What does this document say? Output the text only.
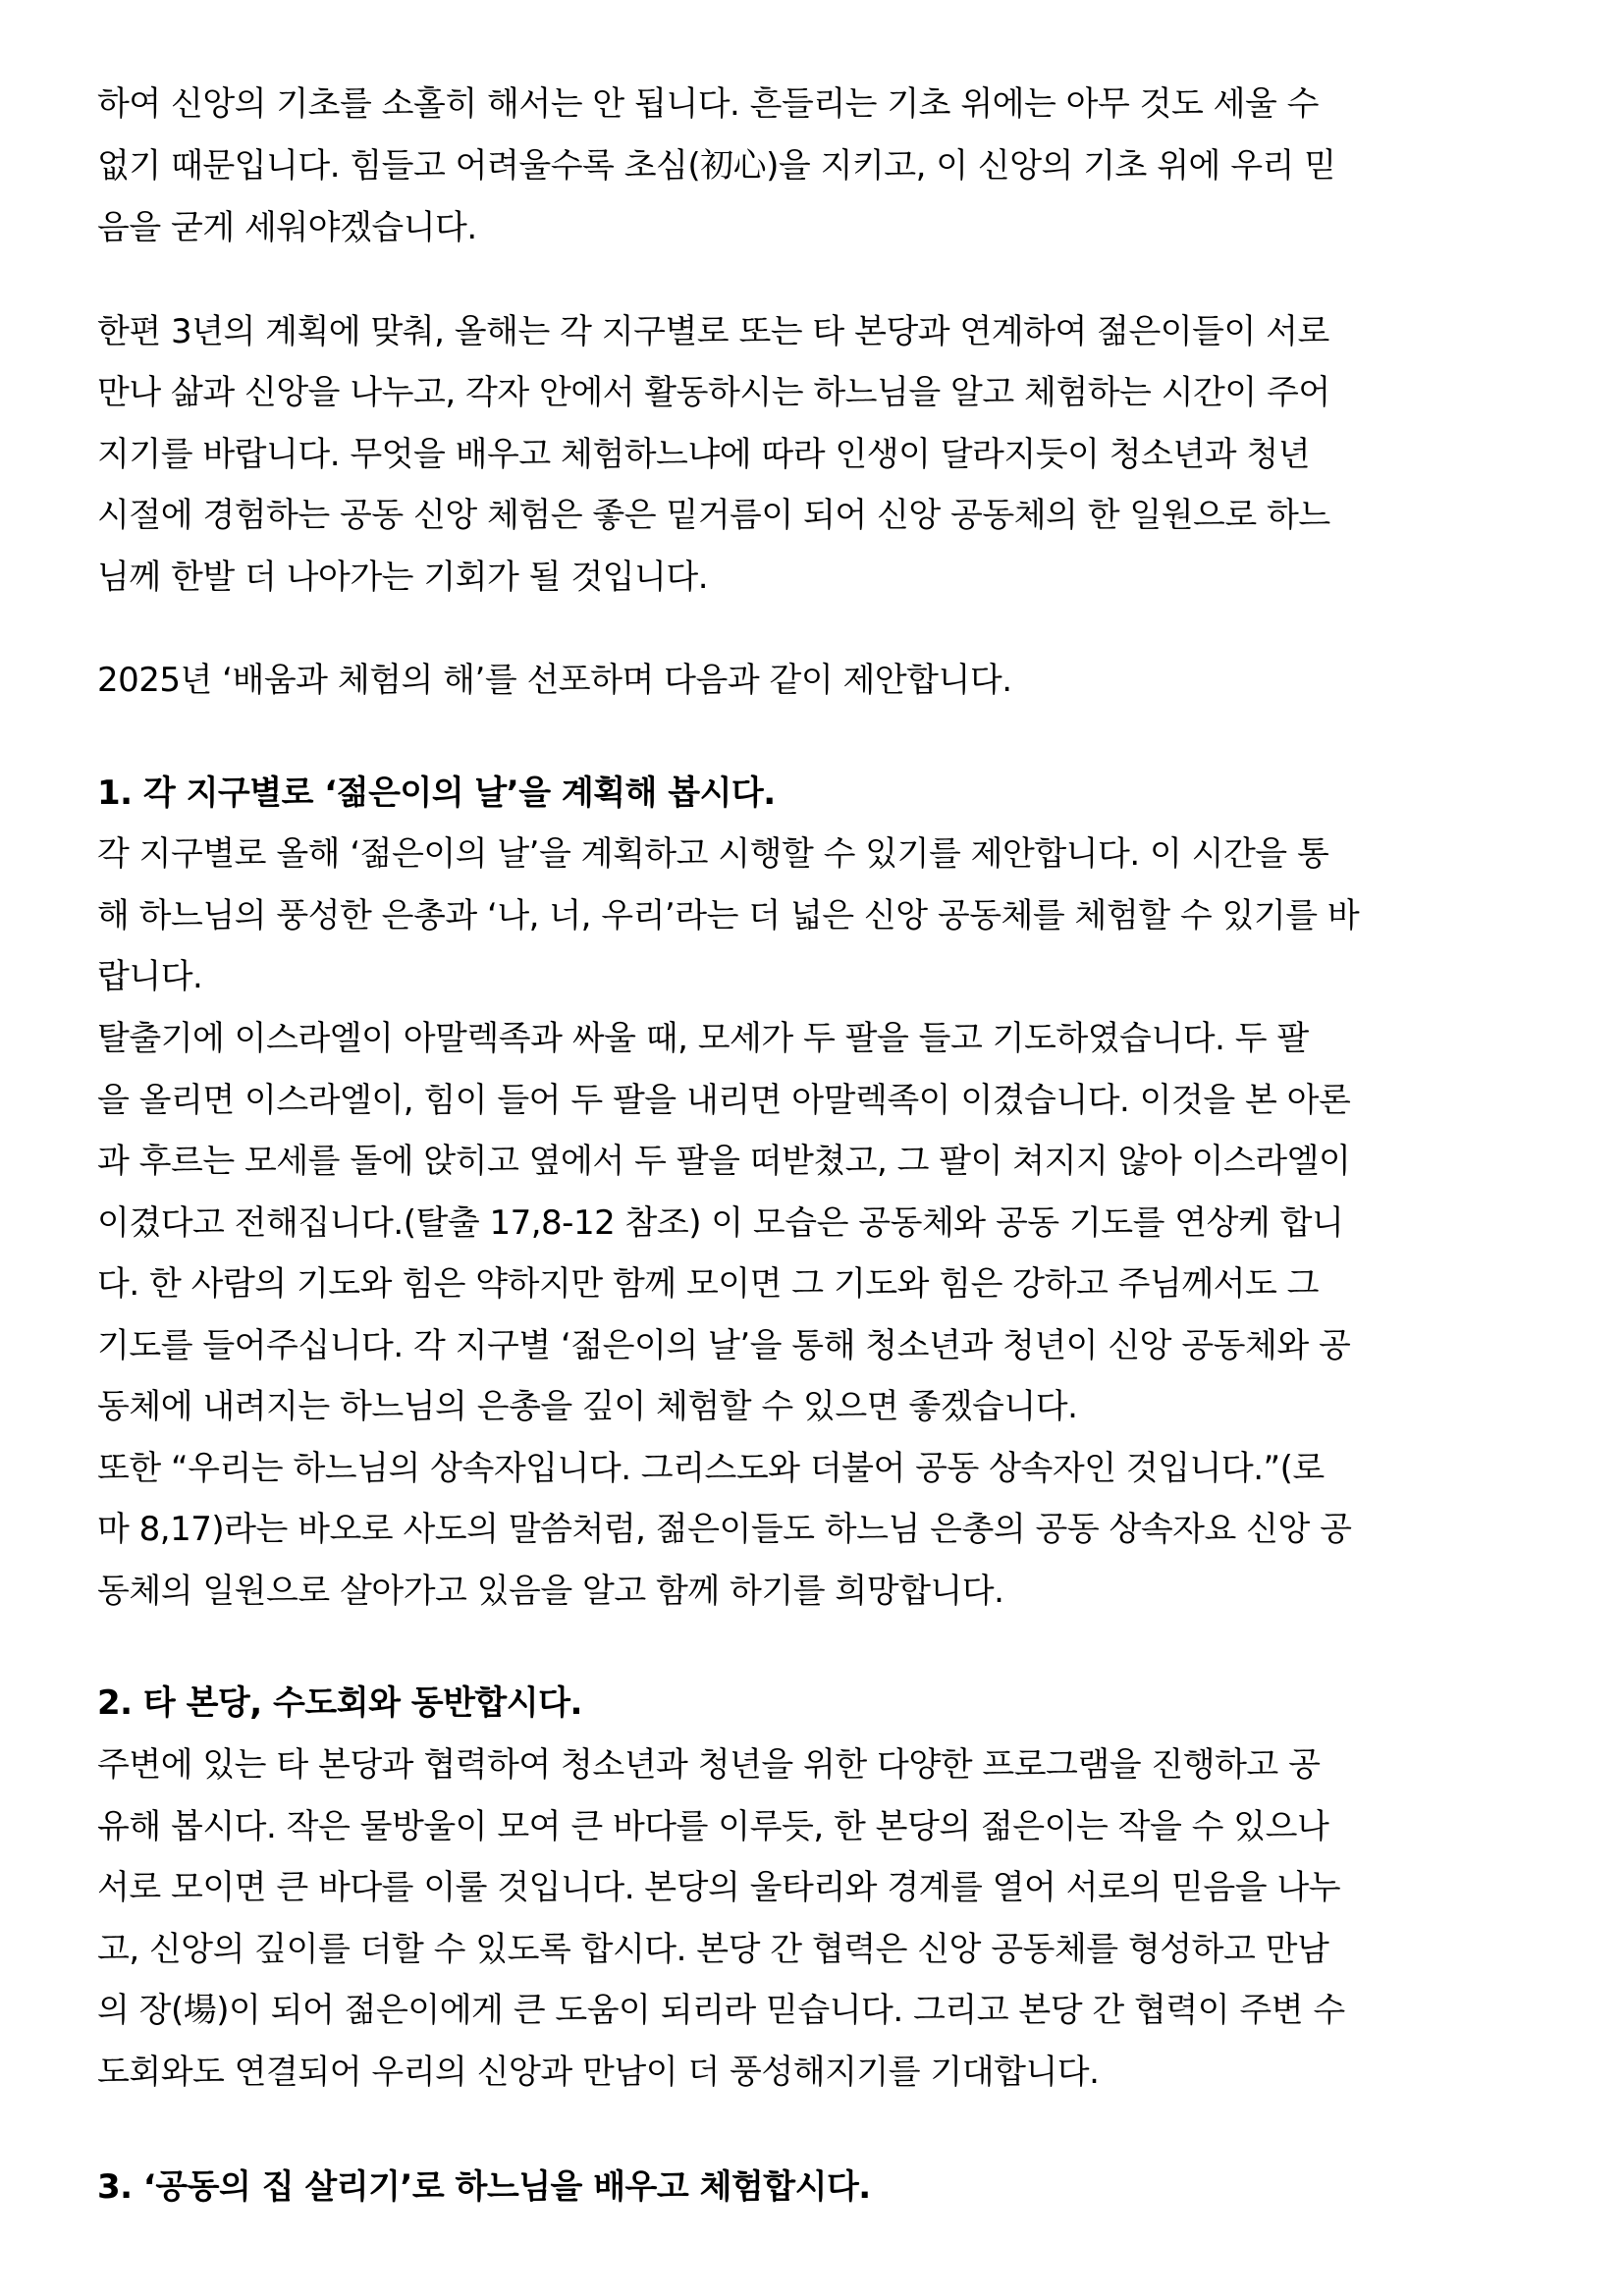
하여 신앙의 기초를 소홀히 해서는 안 됩니다. 흔들리는 기초 위에는 아무 것도 세울 수
없기 때문입니다. 힘들고 어려울수록 초심(初心)을 지키고, 이 신앙의 기초 위에 우리 믿
음을 굳게 세워야겠습니다.
한편 3년의 계획에 맞춰, 올해는 각 지구별로 또는 타 본당과 연계하여 젊은이들이 서로
만나 삶과 신앙을 나누고, 각자 안에서 활동하시는 하느님을 알고 체험하는 시간이 주어
지기를 바랍니다. 무엇을 배우고 체험하느냐에 따라 인생이 달라지듯이 청소년과 청년
시절에 경험하는 공동 신앙 체험은 좋은 밑거름이 되어 신앙 공동체의 한 일원으로 하느
님께 한발 더 나아가는 기회가 될 것입니다.
2025년 ‘배움과 체험의 해’를 선포하며 다음과 같이 제안합니다.
1. 각 지구별로 ‘젊은이의 날’을 계획해 봅시다.
각 지구별로 올해 ‘젊은이의 날’을 계획하고 시행할 수 있기를 제안합니다. 이 시간을 통
해 하느님의 풍성한 은총과 ‘나, 너, 우리’라는 더 넓은 신앙 공동체를 체험할 수 있기를 바
랍니다.
탈출기에 이스라엘이 아말렉족과 싸울 때, 모세가 두 팔을 들고 기도하였습니다. 두 팔
을 올리면 이스라엘이, 힘이 들어 두 팔을 내리면 아말렉족이 이겼습니다. 이것을 본 아론
과 후르는 모세를 돌에 앉히고 옆에서 두 팔을 떠받쳤고, 그 팔이 쳐지지 않아 이스라엘이
이겼다고 전해집니다.(탈출 17,8-12 참조) 이 모습은 공동체와 공동 기도를 연상케 합니
다. 한 사람의 기도와 힘은 약하지만 함께 모이면 그 기도와 힘은 강하고 주님께서도 그
기도를 들어주십니다. 각 지구별 ‘젊은이의 날’을 통해 청소년과 청년이 신앙 공동체와 공
동체에 내려지는 하느님의 은총을 깊이 체험할 수 있으면 좋겠습니다.
또한 “우리는 하느님의 상속자입니다. 그리스도와 더불어 공동 상속자인 것입니다.”(로
마 8,17)라는 바오로 사도의 말씀처럼, 젊은이들도 하느님 은총의 공동 상속자요 신앙 공
동체의 일원으로 살아가고 있음을 알고 함께 하기를 희망합니다.
2. 타 본당, 수도회와 동반합시다.
주변에 있는 타 본당과 협력하여 청소년과 청년을 위한 다양한 프로그램을 진행하고 공
유해 봅시다. 작은 물방울이 모여 큰 바다를 이루듯, 한 본당의 젊은이는 작을 수 있으나
서로 모이면 큰 바다를 이룰 것입니다. 본당의 울타리와 경계를 열어 서로의 믿음을 나누
고, 신앙의 깊이를 더할 수 있도록 합시다. 본당 간 협력은 신앙 공동체를 형성하고 만남
의 장(場)이 되어 젊은이에게 큰 도움이 되리라 믿습니다. 그리고 본당 간 협력이 주변 수
도회와도 연결되어 우리의 신앙과 만남이 더 풍성해지기를 기대합니다.
3. ‘공동의 집 살리기’로 하느님을 배우고 체험합시다.
